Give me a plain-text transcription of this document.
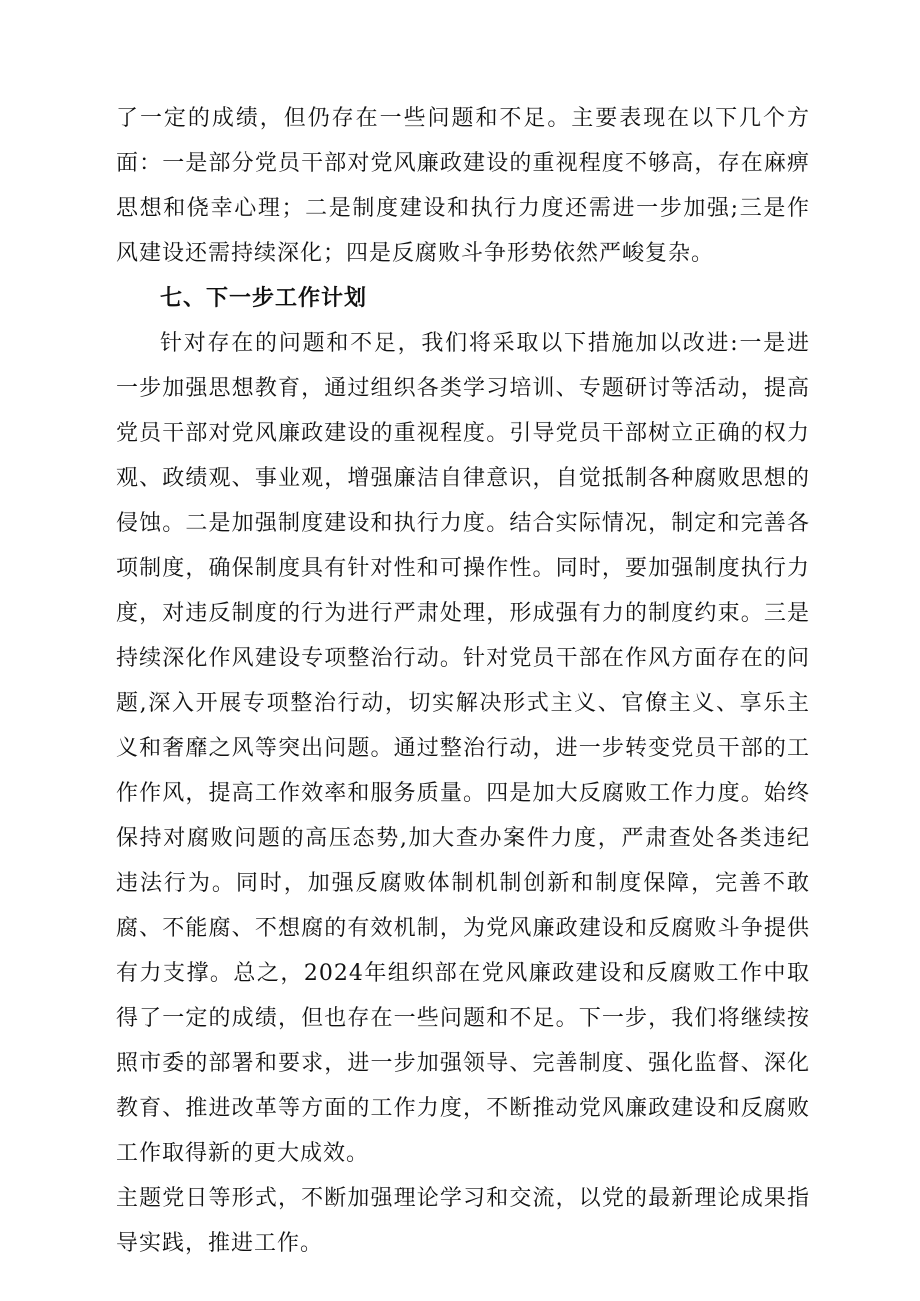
了一定的成绩，但仍存在一些问题和不足。主要表现在以下几个方面：一是部分党员干部对党风廉政建设的重视程度不够高，存在麻痹思想和侥幸心理；二是制度建设和执行力度还需进一步加强;三是作风建设还需持续深化；四是反腐败斗争形势依然严峻复杂。

七、下一步工作计划

针对存在的问题和不足，我们将采取以下措施加以改进:一是进一步加强思想教育，通过组织各类学习培训、专题研讨等活动，提高党员干部对党风廉政建设的重视程度。引导党员干部树立正确的权力观、政绩观、事业观，增强廉洁自律意识，自觉抵制各种腐败思想的侵蚀。二是加强制度建设和执行力度。结合实际情况，制定和完善各项制度，确保制度具有针对性和可操作性。同时，要加强制度执行力度，对违反制度的行为进行严肃处理，形成强有力的制度约束。三是持续深化作风建设专项整治行动。针对党员干部在作风方面存在的问题,深入开展专项整治行动，切实解决形式主义、官僚主义、享乐主义和奢靡之风等突出问题。通过整治行动，进一步转变党员干部的工作作风，提高工作效率和服务质量。四是加大反腐败工作力度。始终保持对腐败问题的高压态势,加大查办案件力度，严肃查处各类违纪违法行为。同时，加强反腐败体制机制创新和制度保障，完善不敢腐、不能腐、不想腐的有效机制，为党风廉政建设和反腐败斗争提供有力支撑。总之，2024年组织部在党风廉政建设和反腐败工作中取得了一定的成绩，但也存在一些问题和不足。下一步，我们将继续按照市委的部署和要求，进一步加强领导、完善制度、强化监督、深化教育、推进改革等方面的工作力度，不断推动党风廉政建设和反腐败工作取得新的更大成效。

主题党日等形式，不断加强理论学习和交流，以党的最新理论成果指导实践，推进工作。
